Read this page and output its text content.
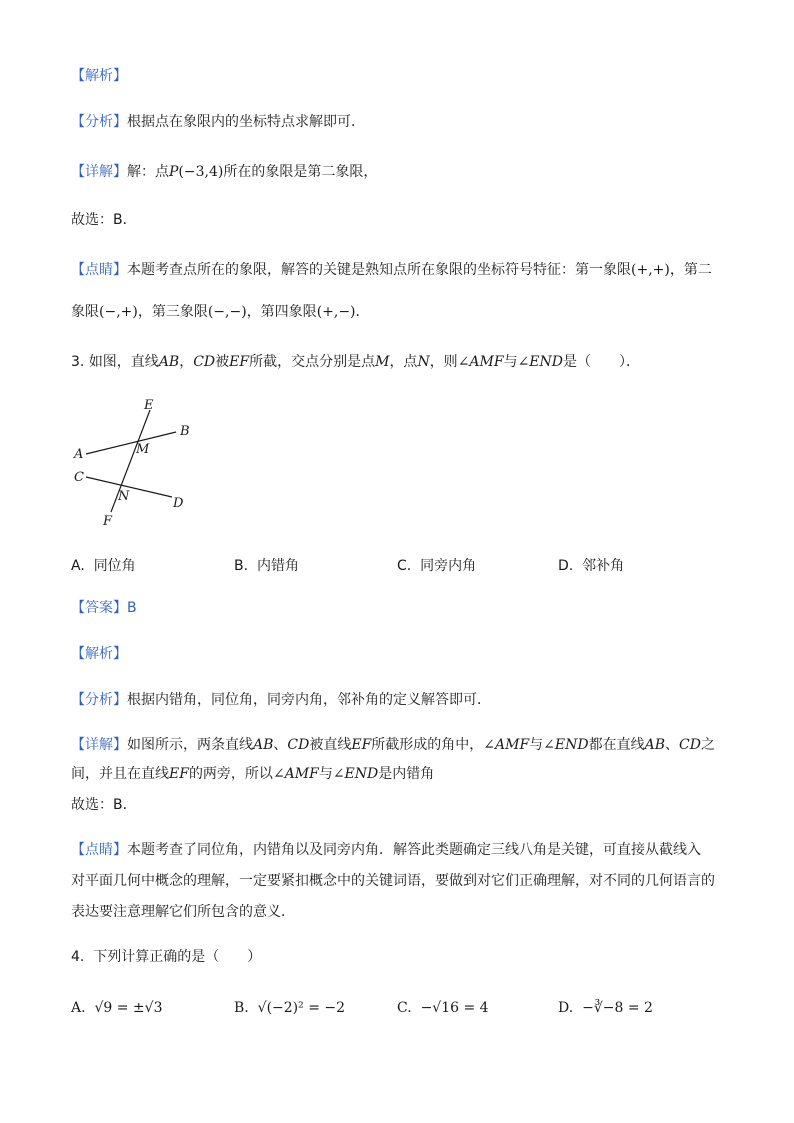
【解析】
【分析】根据点在象限内的坐标特点求解即可．
【详解】解：点P(−3,4)所在的象限是第二象限，
故选：B．
【点睛】本题考查点所在的象限，解答的关键是熟知点所在象限的坐标符号特征：第一象限(+,+)，第二
象限(−,+)，第三象限(−,−)，第四象限(+,−)．
3. 如图，直线AB，CD被EF所截，交点分别是点M，点N，则∠AMF与∠END是（　　）．
E
B
A	M
C
N	D
F
A. 同位角	B. 内错角	C. 同旁内角	D. 邻补角
【答案】B
【解析】
【分析】根据内错角，同位角，同旁内角，邻补角的定义解答即可．
【详解】如图所示，两条直线AB、CD被直线EF所截形成的角中，∠AMF与∠END都在直线AB、CD之
间，并且在直线EF的两旁，所以∠AMF与∠END是内错角
故选：B．
【点睛】本题考查了同位角，内错角以及同旁内角．解答此类题确定三线八角是关键，可直接从截线入
对平面几何中概念的理解，一定要紧扣概念中的关键词语，要做到对它们正确理解，对不同的几何语言的
表达要注意理解它们所包含的意义．
4. 下列计算正确的是（　　）
A. √9 = ±√3	B. √(−2)² = −2	C. −√16 = 4	D. −∛−8 = 2
